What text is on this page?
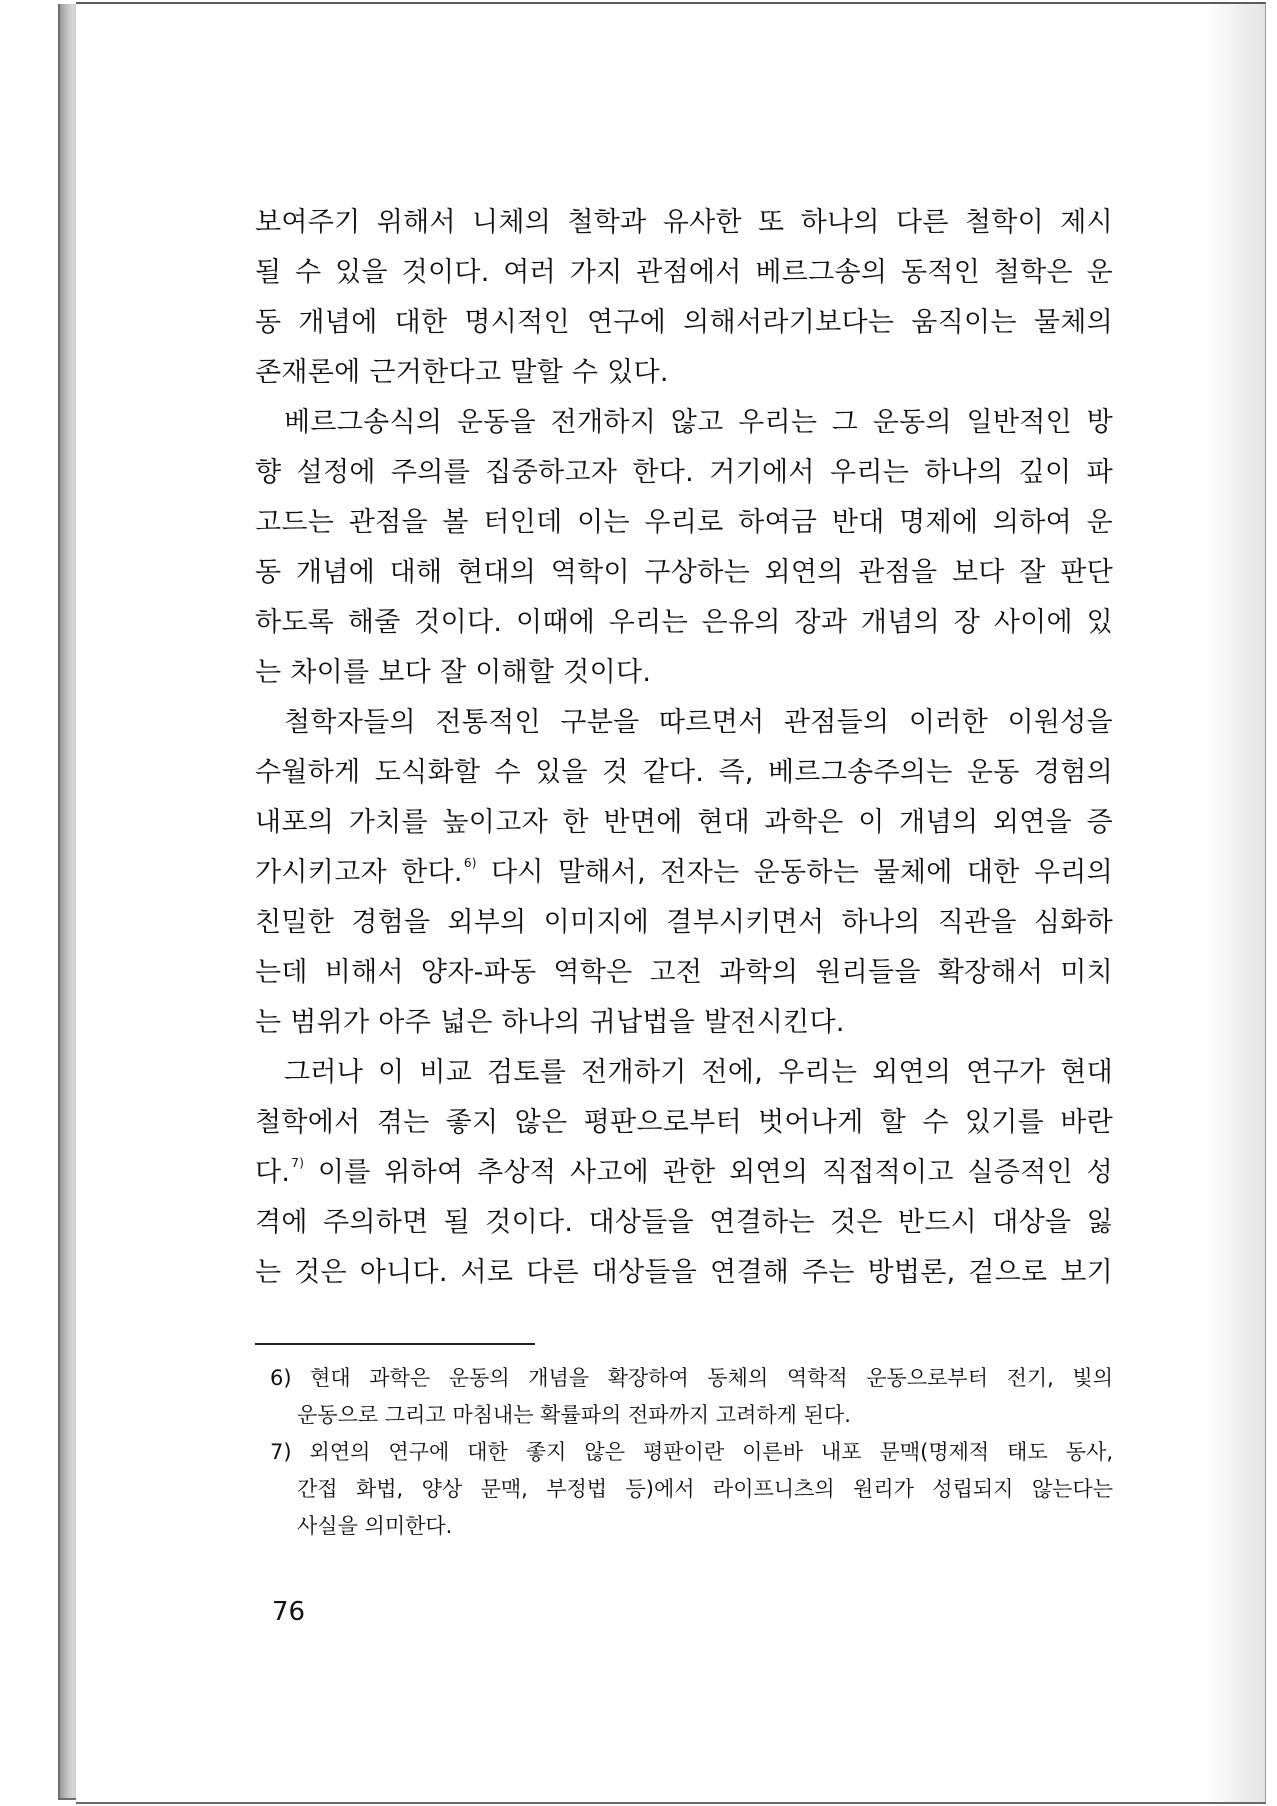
보여주기 위해서 니체의 철학과 유사한 또 하나의 다른 철학이 제시
될 수 있을 것이다. 여러 가지 관점에서 베르그송의 동적인 철학은 운
동 개념에 대한 명시적인 연구에 의해서라기보다는 움직이는 물체의
존재론에 근거한다고 말할 수 있다.
베르그송식의 운동을 전개하지 않고 우리는 그 운동의 일반적인 방
향 설정에 주의를 집중하고자 한다. 거기에서 우리는 하나의 깊이 파
고드는 관점을 볼 터인데 이는 우리로 하여금 반대 명제에 의하여 운
동 개념에 대해 현대의 역학이 구상하는 외연의 관점을 보다 잘 판단
하도록 해줄 것이다. 이때에 우리는 은유의 장과 개념의 장 사이에 있
는 차이를 보다 잘 이해할 것이다.
철학자들의 전통적인 구분을 따르면서 관점들의 이러한 이원성을
수월하게 도식화할 수 있을 것 같다. 즉, 베르그송주의는 운동 경험의
내포의 가치를 높이고자 한 반면에 현대 과학은 이 개념의 외연을 증
가시키고자 한다.$^{6)}$ 다시 말해서, 전자는 운동하는 물체에 대한 우리의
친밀한 경험을 외부의 이미지에 결부시키면서 하나의 직관을 심화하
는데 비해서 양자-파동 역학은 고전 과학의 원리들을 확장해서 미치
는 범위가 아주 넓은 하나의 귀납법을 발전시킨다.
그러나 이 비교 검토를 전개하기 전에, 우리는 외연의 연구가 현대
철학에서 겪는 좋지 않은 평판으로부터 벗어나게 할 수 있기를 바란
다.$^{7)}$ 이를 위하여 추상적 사고에 관한 외연의 직접적이고 실증적인 성
격에 주의하면 될 것이다. 대상들을 연결하는 것은 반드시 대상을 잃
는 것은 아니다. 서로 다른 대상들을 연결해 주는 방법론, 겉으로 보기
6) 현대 과학은 운동의 개념을 확장하여 동체의 역학적 운동으로부터 전기, 빛의
운동으로 그리고 마침내는 확률파의 전파까지 고려하게 된다.
7) 외연의 연구에 대한 좋지 않은 평판이란 이른바 내포 문맥(명제적 태도 동사,
간접 화법, 양상 문맥, 부정법 등)에서 라이프니츠의 원리가 성립되지 않는다는
사실을 의미한다.
76
